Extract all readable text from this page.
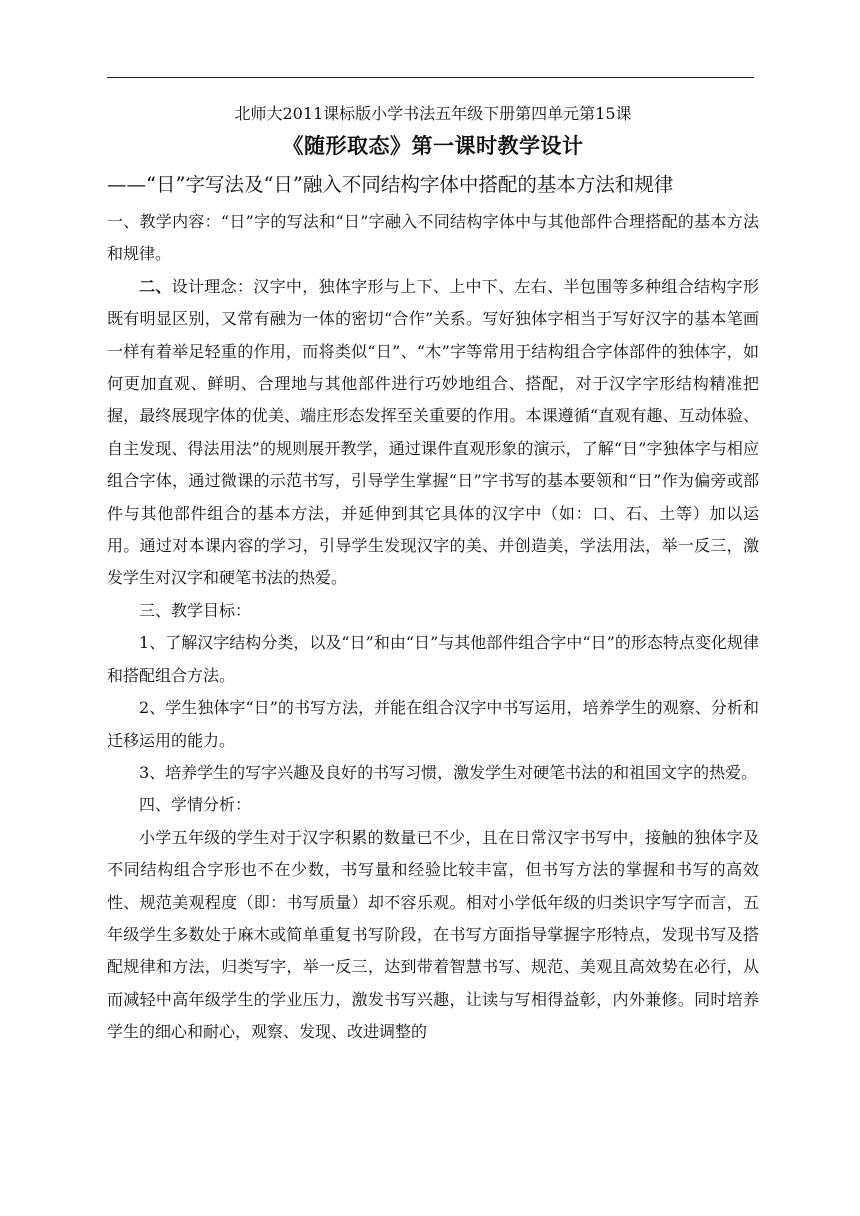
北师大2011课标版小学书法五年级下册第四单元第15课
《随形取态》第一课时教学设计
——“日”字写法及“日”融入不同结构字体中搭配的基本方法和规律

一、教学内容：“日”字的写法和“日”字融入不同结构字体中与其他部件合理搭配的基本方法和规律。

二、设计理念：汉字中，独体字形与上下、上中下、左右、半包围等多种组合结构字形既有明显区别，又常有融为一体的密切“合作”关系。写好独体字相当于写好汉字的基本笔画一样有着举足轻重的作用，而将类似“日”、“木”字等常用于结构组合字体部件的独体字，如何更加直观、鲜明、合理地与其他部件进行巧妙地组合、搭配，对于汉字字形结构精准把握，最终展现字体的优美、端庄形态发挥至关重要的作用。本课遵循“直观有趣、互动体验、自主发现、得法用法”的规则展开教学，通过课件直观形象的演示，了解“日”字独体字与相应组合字体，通过微课的示范书写，引导学生掌握“日”字书写的基本要领和“日”作为偏旁或部件与其他部件组合的基本方法，并延伸到其它具体的汉字中（如：口、石、土等）加以运用。通过对本课内容的学习，引导学生发现汉字的美、并创造美，学法用法，举一反三，激发学生对汉字和硬笔书法的热爱。

三、教学目标：

1、了解汉字结构分类，以及“日”和由“日”与其他部件组合字中“日”的形态特点变化规律和搭配组合方法。

2、学生独体字“日”的书写方法，并能在组合汉字中书写运用，培养学生的观察、分析和迁移运用的能力。

3、培养学生的写字兴趣及良好的书写习惯，激发学生对硬笔书法的和祖国文字的热爱。

四、学情分析：

小学五年级的学生对于汉字积累的数量已不少，且在日常汉字书写中，接触的独体字及不同结构组合字形也不在少数，书写量和经验比较丰富，但书写方法的掌握和书写的高效性、规范美观程度（即：书写质量）却不容乐观。相对小学低年级的归类识字写字而言，五年级学生多数处于麻木或简单重复书写阶段，在书写方面指导掌握字形特点，发现书写及搭配规律和方法，归类写字，举一反三，达到带着智慧书写、规范、美观且高效势在必行，从而减轻中高年级学生的学业压力，激发书写兴趣，让读与写相得益彰，内外兼修。同时培养学生的细心和耐心，观察、发现、改进调整的
